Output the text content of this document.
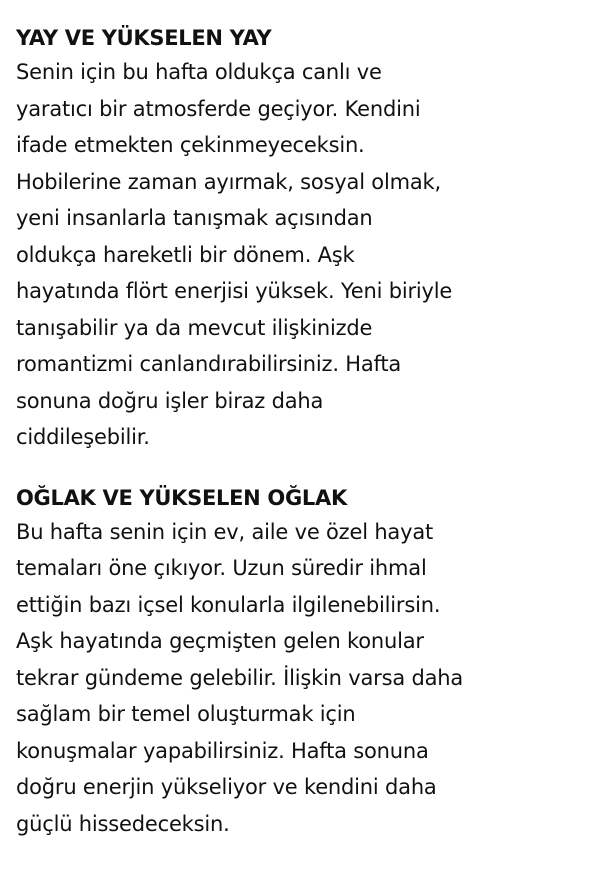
YAY VE YÜKSELEN YAY
Senin için bu hafta oldukça canlı ve
yaratıcı bir atmosferde geçiyor. Kendini
ifade etmekten çekinmeyeceksin.
Hobilerine zaman ayırmak, sosyal olmak,
yeni insanlarla tanışmak açısından
oldukça hareketli bir dönem. Aşk
hayatında flört enerjisi yüksek. Yeni biriyle
tanışabilir ya da mevcut ilişkinizde
romantizmi canlandırabilirsiniz. Hafta
sonuna doğru işler biraz daha
ciddileşebilir.
OĞLAK VE YÜKSELEN OĞLAK
Bu hafta senin için ev, aile ve özel hayat
temaları öne çıkıyor. Uzun süredir ihmal
ettiğin bazı içsel konularla ilgilenebilirsin.
Aşk hayatında geçmişten gelen konular
tekrar gündeme gelebilir. İlişkin varsa daha
sağlam bir temel oluşturmak için
konuşmalar yapabilirsiniz. Hafta sonuna
doğru enerjin yükseliyor ve kendini daha
güçlü hissedeceksin.
